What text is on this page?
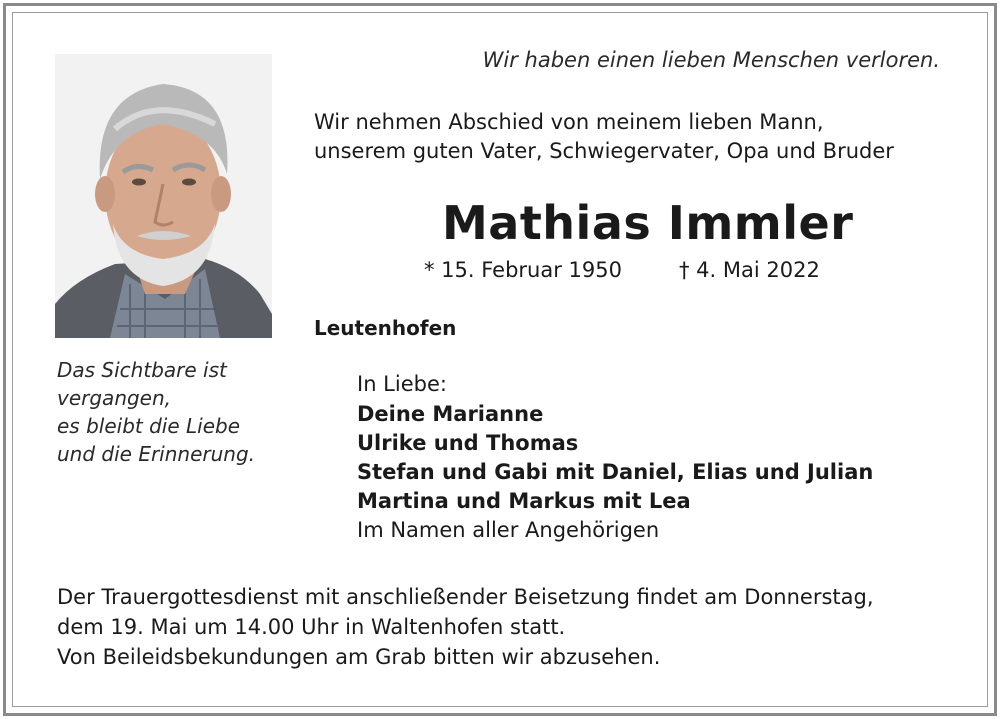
Wir haben einen lieben Menschen verloren.
Wir nehmen Abschied von meinem lieben Mann,
unserem guten Vater, Schwiegervater, Opa und Bruder
Mathias Immler
* 15. Februar 1950	† 4. Mai 2022
Leutenhofen
Das Sichtbare ist
vergangen,
es bleibt die Liebe
und die Erinnerung.
In Liebe:
Deine Marianne
Ulrike und Thomas
Stefan und Gabi mit Daniel, Elias und Julian
Martina und Markus mit Lea
Im Namen aller Angehörigen
Der Trauergottesdienst mit anschließender Beisetzung findet am Donnerstag,
dem 19. Mai um 14.00 Uhr in Waltenhofen statt.
Von Beileidsbekundungen am Grab bitten wir abzusehen.
